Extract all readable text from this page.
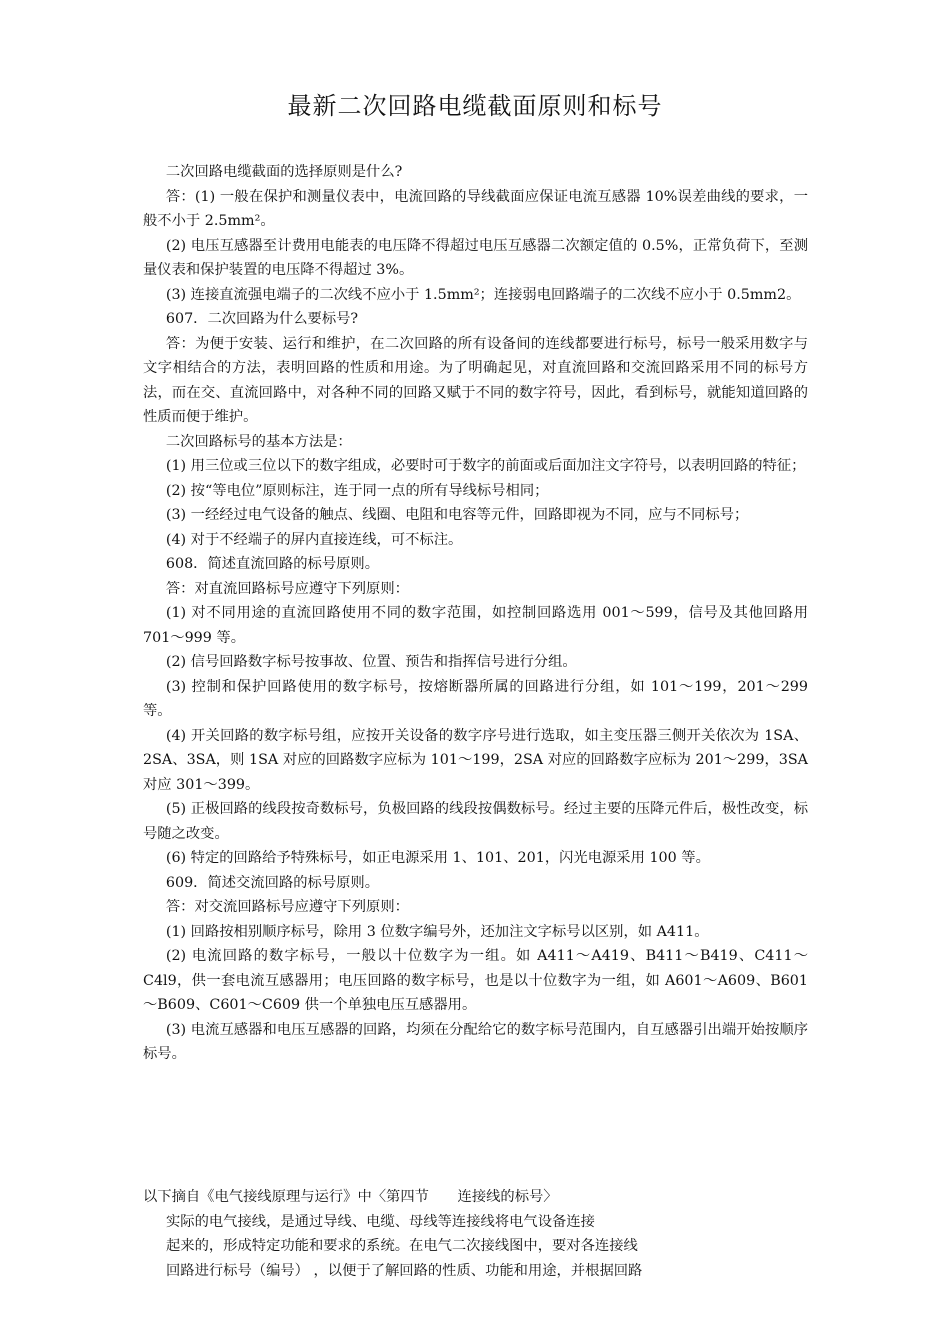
最新二次回路电缆截面原则和标号

二次回路电缆截面的选择原则是什么?

答：(1) 一般在保护和测量仪表中，电流回路的导线截面应保证电流互感器 10%误差曲线的要求，一般不小于 2.5mm²。

(2) 电压互感器至计费用电能表的电压降不得超过电压互感器二次额定值的 0.5%，正常负荷下，至测量仪表和保护装置的电压降不得超过 3%。

(3) 连接直流强电端子的二次线不应小于 1.5mm²；连接弱电回路端子的二次线不应小于 0.5mm2。

607．二次回路为什么要标号?

答：为便于安装、运行和维护，在二次回路的所有设备间的连线都要进行标号，标号一般采用数字与文字相结合的方法，表明回路的性质和用途。为了明确起见，对直流回路和交流回路采用不同的标号方法，而在交、直流回路中，对各种不同的回路又赋于不同的数字符号，因此，看到标号，就能知道回路的性质而便于维护。

二次回路标号的基本方法是：

(1) 用三位或三位以下的数字组成，必要时可于数字的前面或后面加注文字符号，以表明回路的特征；

(2) 按“等电位”原则标注，连于同一点的所有导线标号相同；

(3) 一经经过电气设备的触点、线圈、电阻和电容等元件，回路即视为不同，应与不同标号；

(4) 对于不经端子的屏内直接连线，可不标注。

608．简述直流回路的标号原则。

答：对直流回路标号应遵守下列原则：

(1) 对不同用途的直流回路使用不同的数字范围，如控制回路选用 001～599，信号及其他回路用 701～999 等。

(2) 信号回路数字标号按事故、位置、预告和指挥信号进行分组。

(3) 控制和保护回路使用的数字标号，按熔断器所属的回路进行分组，如 101～199，201～299 等。

(4) 开关回路的数字标号组，应按开关设备的数字序号进行选取，如主变压器三侧开关依次为 1SA、2SA、3SA，则 1SA 对应的回路数字应标为 101～199，2SA 对应的回路数字应标为 201～299，3SA 对应 301～399。

(5) 正极回路的线段按奇数标号，负极回路的线段按偶数标号。经过主要的压降元件后，极性改变，标号随之改变。

(6) 特定的回路给予特殊标号，如正电源采用 1、101、201，闪光电源采用 100 等。

609．简述交流回路的标号原则。

答：对交流回路标号应遵守下列原则：

(1) 回路按相别顺序标号，除用 3 位数字编号外，还加注文字标号以区别，如 A411。

(2) 电流回路的数字标号，一般以十位数字为一组。如 A411～A419、B411～B419、C411～C4l9，供一套电流互感器用；电压回路的数字标号，也是以十位数字为一组，如 A601～A609、B601～B609、C601～C609 供一个单独电压互感器用。

(3) 电流互感器和电压互感器的回路，均须在分配给它的数字标号范围内，自互感器引出端开始按顺序标号。

以下摘自《电气接线原理与运行》中〈第四节　　连接线的标号〉

实际的电气接线，是通过导线、电缆、母线等连接线将电气设备连接

起来的，形成特定功能和要求的系统。在电气二次接线图中，要对各连接线

回路进行标号（编号） ，以便于了解回路的性质、功能和用途，并根据回路
